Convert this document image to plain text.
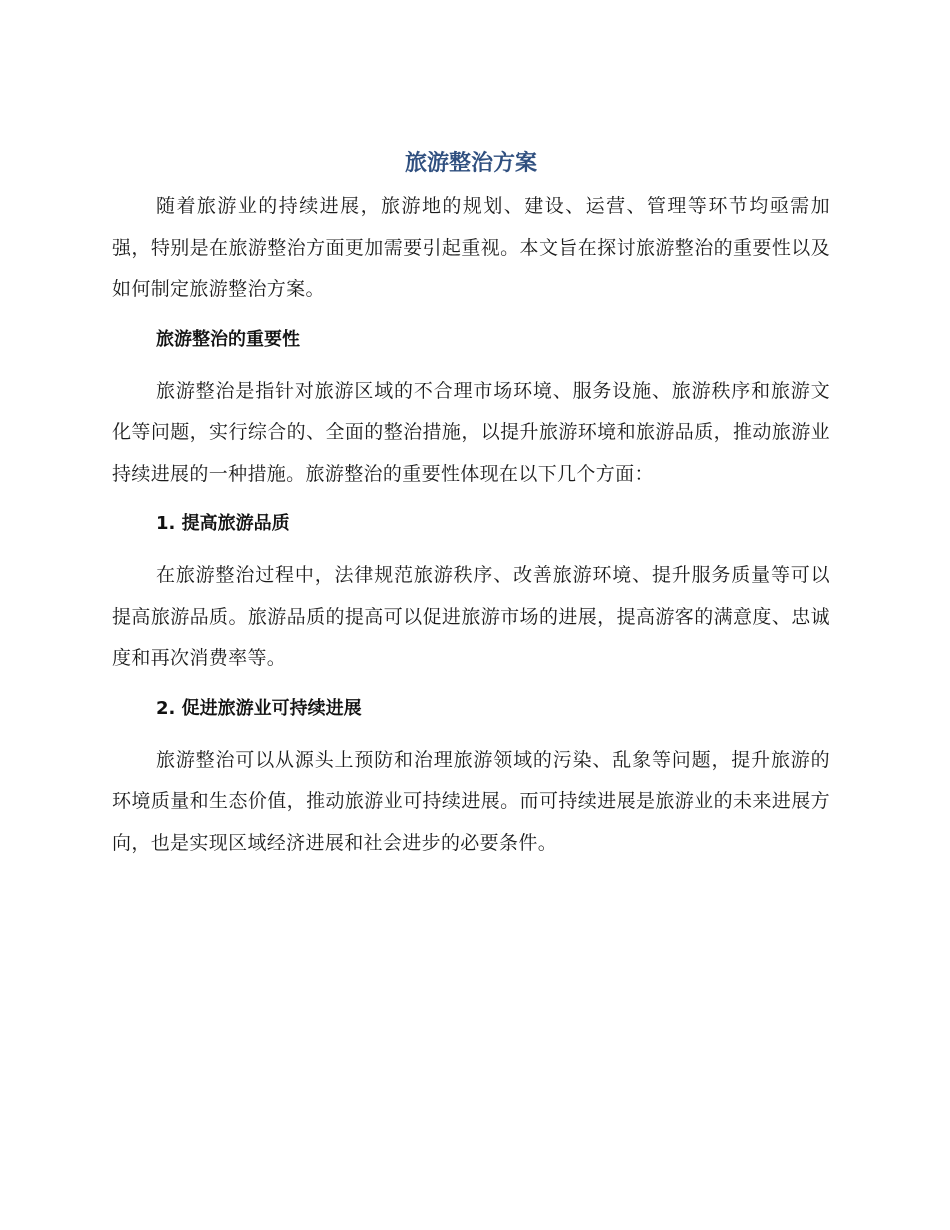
旅游整治方案

随着旅游业的持续进展，旅游地的规划、建设、运营、管理等环节均亟需加强，特别是在旅游整治方面更加需要引起重视。本文旨在探讨旅游整治的重要性以及如何制定旅游整治方案。

旅游整治的重要性

旅游整治是指针对旅游区域的不合理市场环境、服务设施、旅游秩序和旅游文化等问题，实行综合的、全面的整治措施，以提升旅游环境和旅游品质，推动旅游业持续进展的一种措施。旅游整治的重要性体现在以下几个方面：

1. 提高旅游品质

在旅游整治过程中，法律规范旅游秩序、改善旅游环境、提升服务质量等可以提高旅游品质。旅游品质的提高可以促进旅游市场的进展，提高游客的满意度、忠诚度和再次消费率等。

2. 促进旅游业可持续进展

旅游整治可以从源头上预防和治理旅游领域的污染、乱象等问题，提升旅游的环境质量和生态价值，推动旅游业可持续进展。而可持续进展是旅游业的未来进展方向，也是实现区域经济进展和社会进步的必要条件。
